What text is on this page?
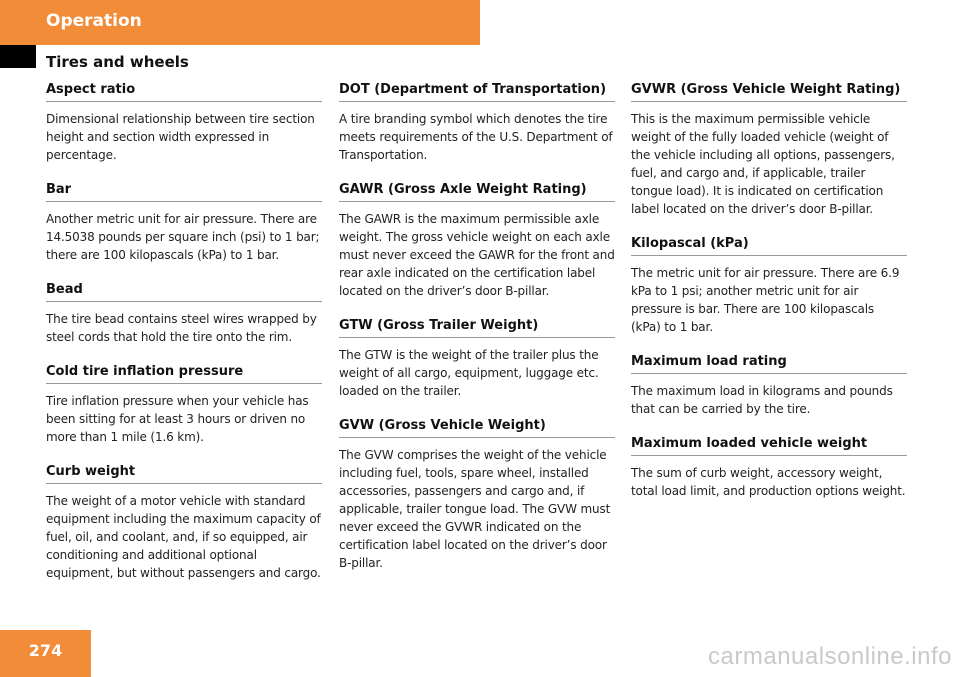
Operation
Tires and wheels
Aspect ratio
Dimensional relationship between tire section height and section width expressed in percentage.
Bar
Another metric unit for air pressure. There are 14.5038 pounds per square inch (psi) to 1 bar; there are 100 kilopascals (kPa) to 1 bar.
Bead
The tire bead contains steel wires wrapped by steel cords that hold the tire onto the rim.
Cold tire inflation pressure
Tire inflation pressure when your vehicle has been sitting for at least 3 hours or driven no more than 1 mile (1.6 km).
Curb weight
The weight of a motor vehicle with standard equipment including the maximum capacity of fuel, oil, and coolant, and, if so equipped, air conditioning and additional optional equipment, but without passengers and cargo.
DOT (Department of Transportation)
A tire branding symbol which denotes the tire meets requirements of the U.S. Department of Transportation.
GAWR (Gross Axle Weight Rating)
The GAWR is the maximum permissible axle weight. The gross vehicle weight on each axle must never exceed the GAWR for the front and rear axle indicated on the certification label located on the driver’s door B-pillar.
GTW (Gross Trailer Weight)
The GTW is the weight of the trailer plus the weight of all cargo, equipment, luggage etc. loaded on the trailer.
GVW (Gross Vehicle Weight)
The GVW comprises the weight of the vehicle including fuel, tools, spare wheel, installed accessories, passengers and cargo and, if applicable, trailer tongue load. The GVW must never exceed the GVWR indicated on the certification label located on the driver’s door B-pillar.
GVWR (Gross Vehicle Weight Rating)
This is the maximum permissible vehicle weight of the fully loaded vehicle (weight of the vehicle including all options, passengers, fuel, and cargo and, if applicable, trailer tongue load). It is indicated on certification label located on the driver’s door B-pillar.
Kilopascal (kPa)
The metric unit for air pressure. There are 6.9 kPa to 1 psi; another metric unit for air pressure is bar. There are 100 kilopascals (kPa) to 1 bar.
Maximum load rating
The maximum load in kilograms and pounds that can be carried by the tire.
Maximum loaded vehicle weight
The sum of curb weight, accessory weight, total load limit, and production options weight.
274	carmanualsonline.info
